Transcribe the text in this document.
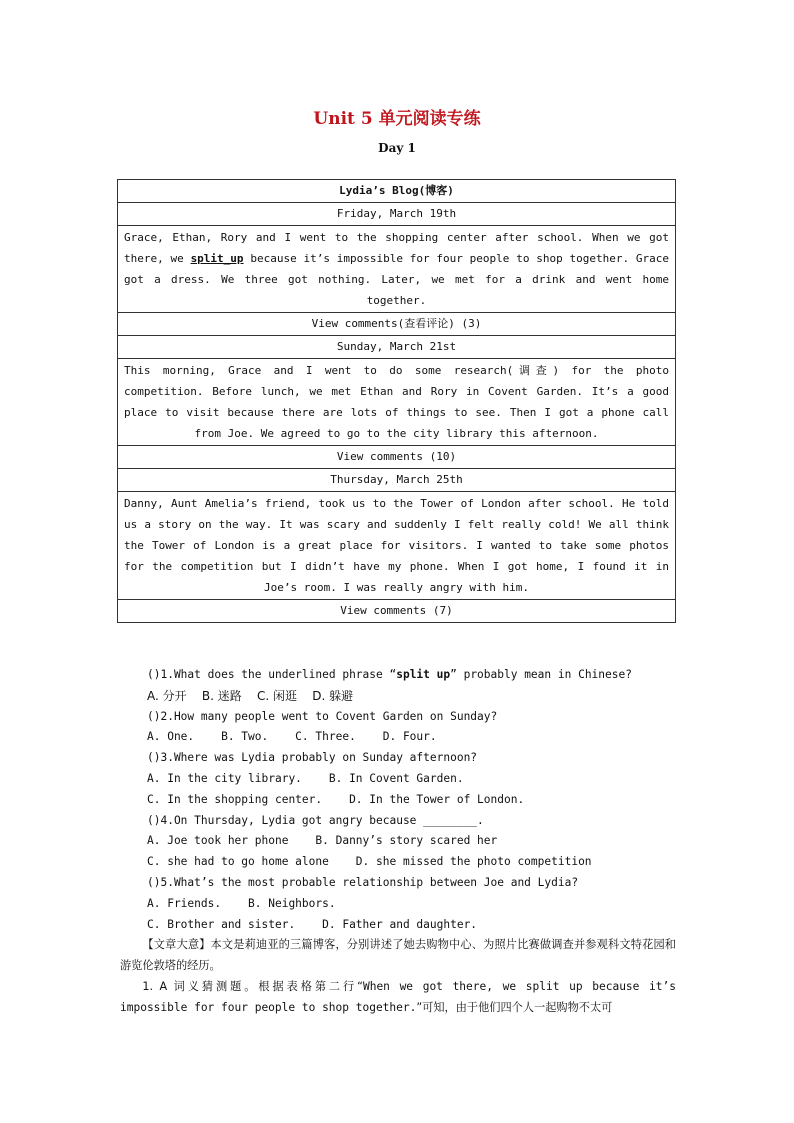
Unit 5 单元阅读专练
Day 1
Lydia’s Blog(博客)
Friday, March 19th
Grace, Ethan, Rory and I went to the shopping center after school. When we got there, we split_up because it’s impossible for four people to shop together. Grace got a dress. We three got nothing. Later, we met for a drink and went home together.
View comments(查看评论) (3)
Sunday, March 21st
This morning, Grace and I went to do some research(调查) for the photo competition. Before lunch, we met Ethan and Rory in Covent Garden. It’s a good place to visit because there are lots of things to see. Then I got a phone call from Joe. We agreed to go to the city library this afternoon.
View comments (10)
Thursday, March 25th
Danny, Aunt Amelia’s friend, took us to the Tower of London after school. He told us a story on the way. It was scary and suddenly I felt really cold! We all think the Tower of London is a great place for visitors. I wanted to take some photos for the competition but I didn’t have my phone. When I got home, I found it in Joe’s room. I was really angry with him.
View comments (7)
()1.What does the underlined phrase “split up” probably mean in Chinese?
A. 分开    B. 迷路    C. 闲逛    D. 躲避
()2.How many people went to Covent Garden on Sunday?
A. One.    B. Two.    C. Three.    D. Four.
()3.Where was Lydia probably on Sunday afternoon?
A. In the city library.    B. In Covent Garden.
C. In the shopping center.    D. In the Tower of London.
()4.On Thursday, Lydia got angry because ________.
A. Joe took her phone    B. Danny’s story scared her
C. she had to go home alone    D. she missed the photo competition
()5.What’s the most probable relationship between Joe and Lydia?
A. Friends.    B. Neighbors.
C. Brother and sister.    D. Father and daughter.

【文章大意】本文是莉迪亚的三篇博客，分别讲述了她去购物中心、为照片比赛做调查并参观科文特花园和游览伦敦塔的经历。

1. A 词义猜测题。根据表格第二行“When we got there, we split up because it’s impossible for four people to shop together.”可知，由于他们四个人一起购物不太可
